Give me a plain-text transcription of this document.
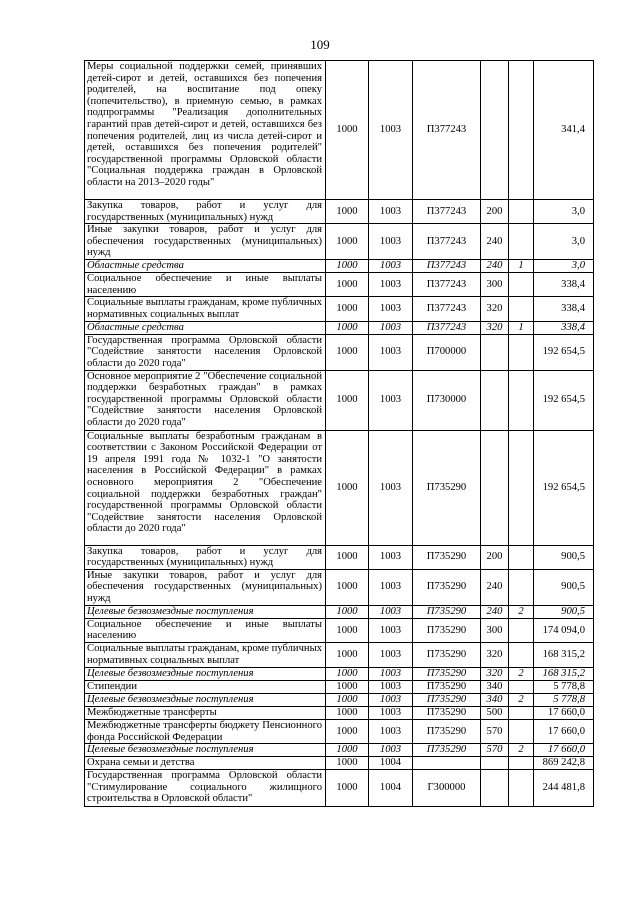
109
Меры социальной поддержки семей, принявших детей-сирот и детей, оставшихся без попечения родителей, на воспитание под опеку (попечительство), в приемную семью, в рамках подпрограммы "Реализация дополнительных гарантий прав детей-сирот и детей, оставшихся без попечения родителей, лиц из числа детей-сирот и детей, оставшихся без попечения родителей" государственной программы Орловской области "Социальная поддержка граждан в Орловской области на 2013–2020 годы"	1000	1003	П377243			341,4
Закупка товаров, работ и услуг для государственных (муниципальных) нужд	1000	1003	П377243	200		3,0
Иные закупки товаров, работ и услуг для обеспечения государственных (муниципальных) нужд	1000	1003	П377243	240		3,0
Областные средства	1000	1003	П377243	240	1	3,0
Социальное обеспечение и иные выплаты населению	1000	1003	П377243	300		338,4
Социальные выплаты гражданам, кроме публичных нормативных социальных выплат	1000	1003	П377243	320		338,4
Областные средства	1000	1003	П377243	320	1	338,4
Государственная программа Орловской области "Содействие занятости населения Орловской области до 2020 года"	1000	1003	П700000			192 654,5
Основное мероприятие 2 "Обеспечение социальной поддержки безработных граждан" в рамках государственной программы Орловской области "Содействие занятости населения Орловской области до 2020 года"	1000	1003	П730000			192 654,5
Социальные выплаты безработным гражданам в соответствии с Законом Российской Федерации от 19 апреля 1991 года № 1032-1 "О занятости населения в Российской Федерации" в рамках основного мероприятия 2 "Обеспечение социальной поддержки безработных граждан" государственной программы Орловской области "Содействие занятости населения Орловской области до 2020 года"	1000	1003	П735290			192 654,5
Закупка товаров, работ и услуг для государственных (муниципальных) нужд	1000	1003	П735290	200		900,5
Иные закупки товаров, работ и услуг для обеспечения государственных (муниципальных) нужд	1000	1003	П735290	240		900,5
Целевые безвозмездные поступления	1000	1003	П735290	240	2	900,5
Социальное обеспечение и иные выплаты населению	1000	1003	П735290	300		174 094,0
Социальные выплаты гражданам, кроме публичных нормативных социальных выплат	1000	1003	П735290	320		168 315,2
Целевые безвозмездные поступления	1000	1003	П735290	320	2	168 315,2
Стипендии	1000	1003	П735290	340		5 778,8
Целевые безвозмездные поступления	1000	1003	П735290	340	2	5 778,8
Межбюджетные трансферты	1000	1003	П735290	500		17 660,0
Межбюджетные трансферты бюджету Пенсионного фонда Российской Федерации	1000	1003	П735290	570		17 660,0
Целевые безвозмездные поступления	1000	1003	П735290	570	2	17 660,0
Охрана семьи и детства	1000	1004				869 242,8
Государственная программа Орловской области "Стимулирование социального жилищного строительства в Орловской области"	1000	1004	Г300000			244 481,8
